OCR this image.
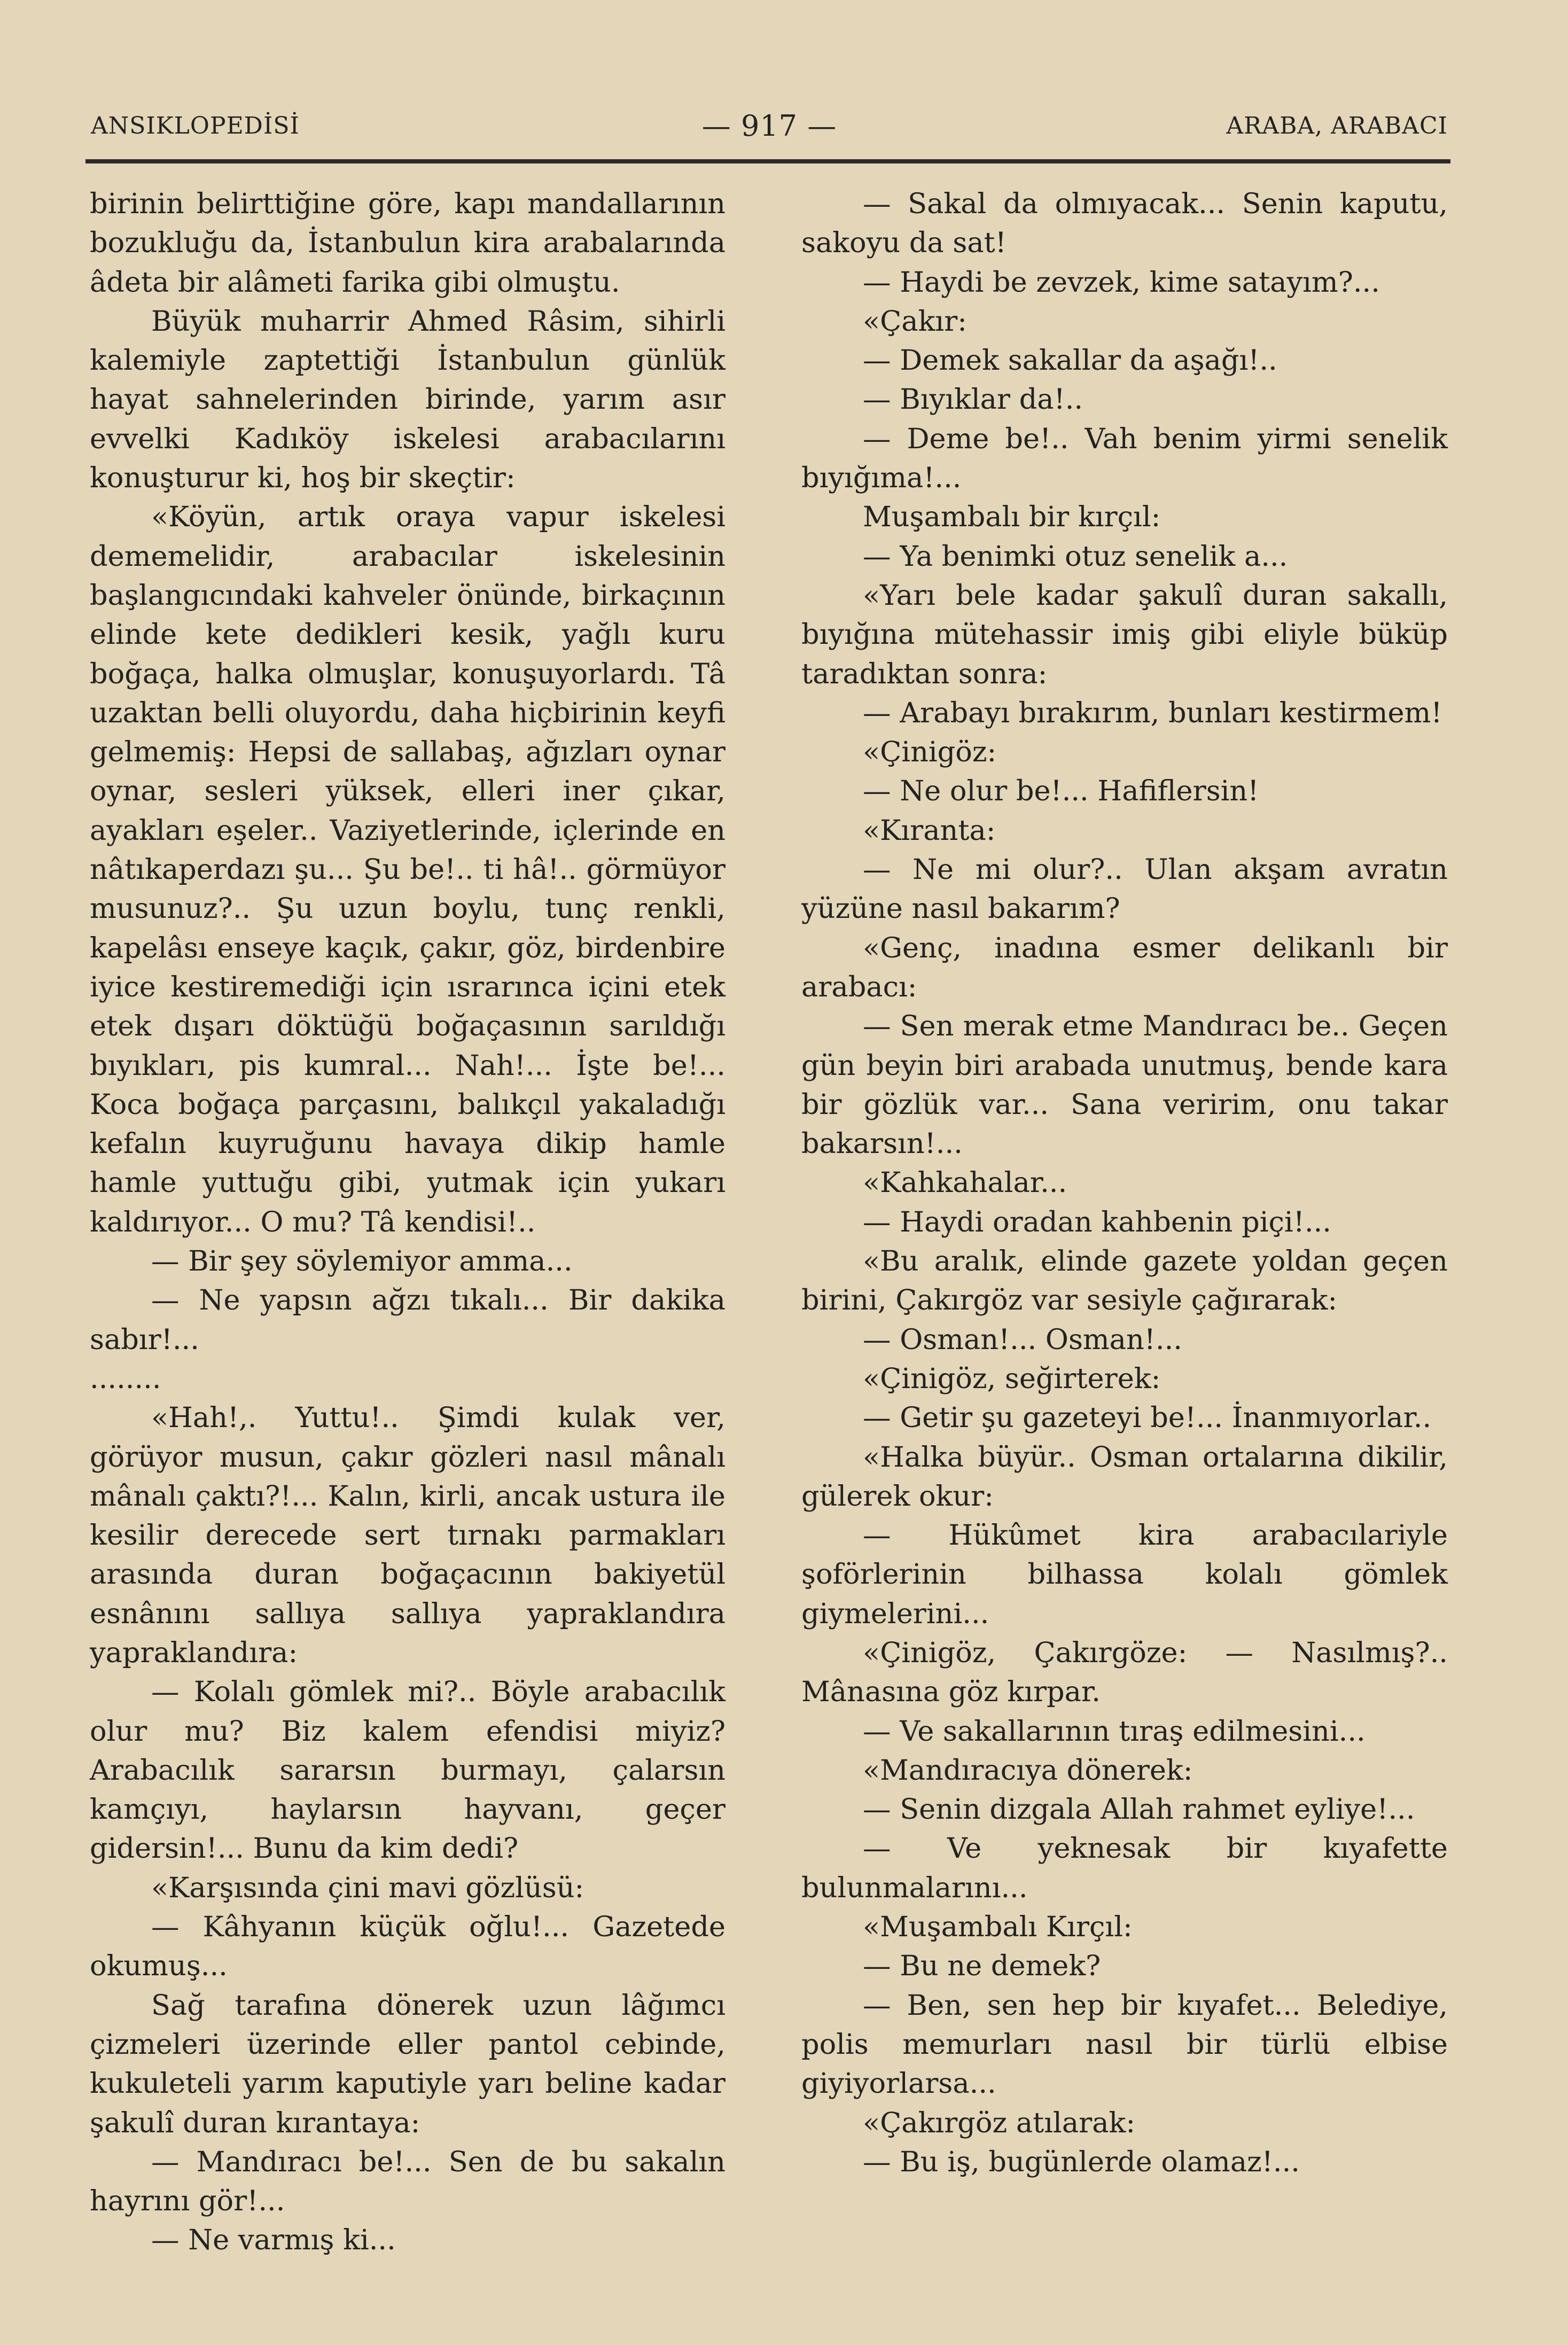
ANSIKLOPEDİSİ	— 917 —	ARABA, ARABACI

birinin belirttiğine göre, kapı mandallarının bozukluğu da, İstanbulun kira arabalarında âdeta bir alâmeti farika gibi olmuştu.

Büyük muharrir Ahmed Râsim, sihirli kalemiyle zaptettiği İstanbulun günlük hayat sahnelerinden birinde, yarım asır evvelki Kadıköy iskelesi arabacılarını konuşturur ki, hoş bir skeçtir:

«Köyün, artık oraya vapur iskelesi dememelidir, arabacılar iskelesinin başlangıcındaki kahveler önünde, birkaçının elinde kete dedikleri kesik, yağlı kuru boğaça, halka olmuşlar, konuşuyorlardı. Tâ uzaktan belli oluyordu, daha hiçbirinin keyfi gelmemiş: Hepsi de sallabaş, ağızları oynar oynar, sesleri yüksek, elleri iner çıkar, ayakları eşeler.. Vaziyetlerinde, içlerinde en nâtıkaperdazı şu... Şu be!.. ti hâ!.. görmüyor musunuz?.. Şu uzun boylu, tunç renkli, kapelâsı enseye kaçık, çakır, göz, birdenbire iyice kestiremediği için ısrarınca içini etek etek dışarı döktüğü boğaçasının sarıldığı bıyıkları, pis kumral... Nah!... İşte be!... Koca boğaça parçasını, balıkçıl yakaladığı kefalın kuyruğunu havaya dikip hamle hamle yuttuğu gibi, yutmak için yukarı kaldırıyor... O mu? Tâ kendisi!..

— Bir şey söylemiyor amma...

— Ne yapsın ağzı tıkalı... Bir dakika sabır!...

........

«Hah!,. Yuttu!.. Şimdi kulak ver, görüyor musun, çakır gözleri nasıl mânalı mânalı çaktı?!... Kalın, kirli, ancak ustura ile kesilir derecede sert tırnakı parmakları arasında duran boğaçacının bakiyetül esnânını sallıya sallıya yapraklandıra yapraklandıra:

— Kolalı gömlek mi?.. Böyle arabacılık olur mu? Biz kalem efendisi miyiz? Arabacılık sararsın burmayı, çalarsın kamçıyı, haylarsın hayvanı, geçer gidersin!... Bunu da kim dedi?

«Karşısında çini mavi gözlüsü:

— Kâhyanın küçük oğlu!... Gazetede okumuş...

Sağ tarafına dönerek uzun lâğımcı çizmeleri üzerinde eller pantol cebinde, kukuleteli yarım kaputiyle yarı beline kadar şakulî duran kırantaya:

— Mandıracı be!... Sen de bu sakalın hayrını gör!...

— Ne varmış ki...

— Sakal da olmıyacak... Senin kaputu, sakoyu da sat!

— Haydi be zevzek, kime satayım?...

«Çakır:

— Demek sakallar da aşağı!..

— Bıyıklar da!..

— Deme be!.. Vah benim yirmi senelik bıyığıma!...

Muşambalı bir kırçıl:

— Ya benimki otuz senelik a...

«Yarı bele kadar şakulî duran sakallı, bıyığına mütehassir imiş gibi eliyle büküp taradıktan sonra:

— Arabayı bırakırım, bunları kestirmem!

«Çinigöz:

— Ne olur be!... Hafiflersin!

«Kıranta:

— Ne mi olur?.. Ulan akşam avratın yüzüne nasıl bakarım?

«Genç, inadına esmer delikanlı bir arabacı:

— Sen merak etme Mandıracı be.. Geçen gün beyin biri arabada unutmuş, bende kara bir gözlük var... Sana veririm, onu takar bakarsın!...

«Kahkahalar...

— Haydi oradan kahbenin piçi!...

«Bu aralık, elinde gazete yoldan geçen birini, Çakırgöz var sesiyle çağırarak:

— Osman!... Osman!...

«Çinigöz, seğirterek:

— Getir şu gazeteyi be!... İnanmıyorlar..

«Halka büyür.. Osman ortalarına dikilir, gülerek okur:

— Hükûmet kira arabacılariyle şoförlerinin bilhassa kolalı gömlek giymelerini...

«Çinigöz, Çakırgöze: — Nasılmış?.. Mânasına göz kırpar.

— Ve sakallarının tıraş edilmesini...

«Mandıracıya dönerek:

— Senin dizgala Allah rahmet eyliye!...

— Ve yeknesak bir kıyafette bulunmalarını...

«Muşambalı Kırçıl:

— Bu ne demek?

— Ben, sen hep bir kıyafet... Belediye, polis memurları nasıl bir türlü elbise giyiyorlarsa...

«Çakırgöz atılarak:

— Bu iş, bugünlerde olamaz!...
